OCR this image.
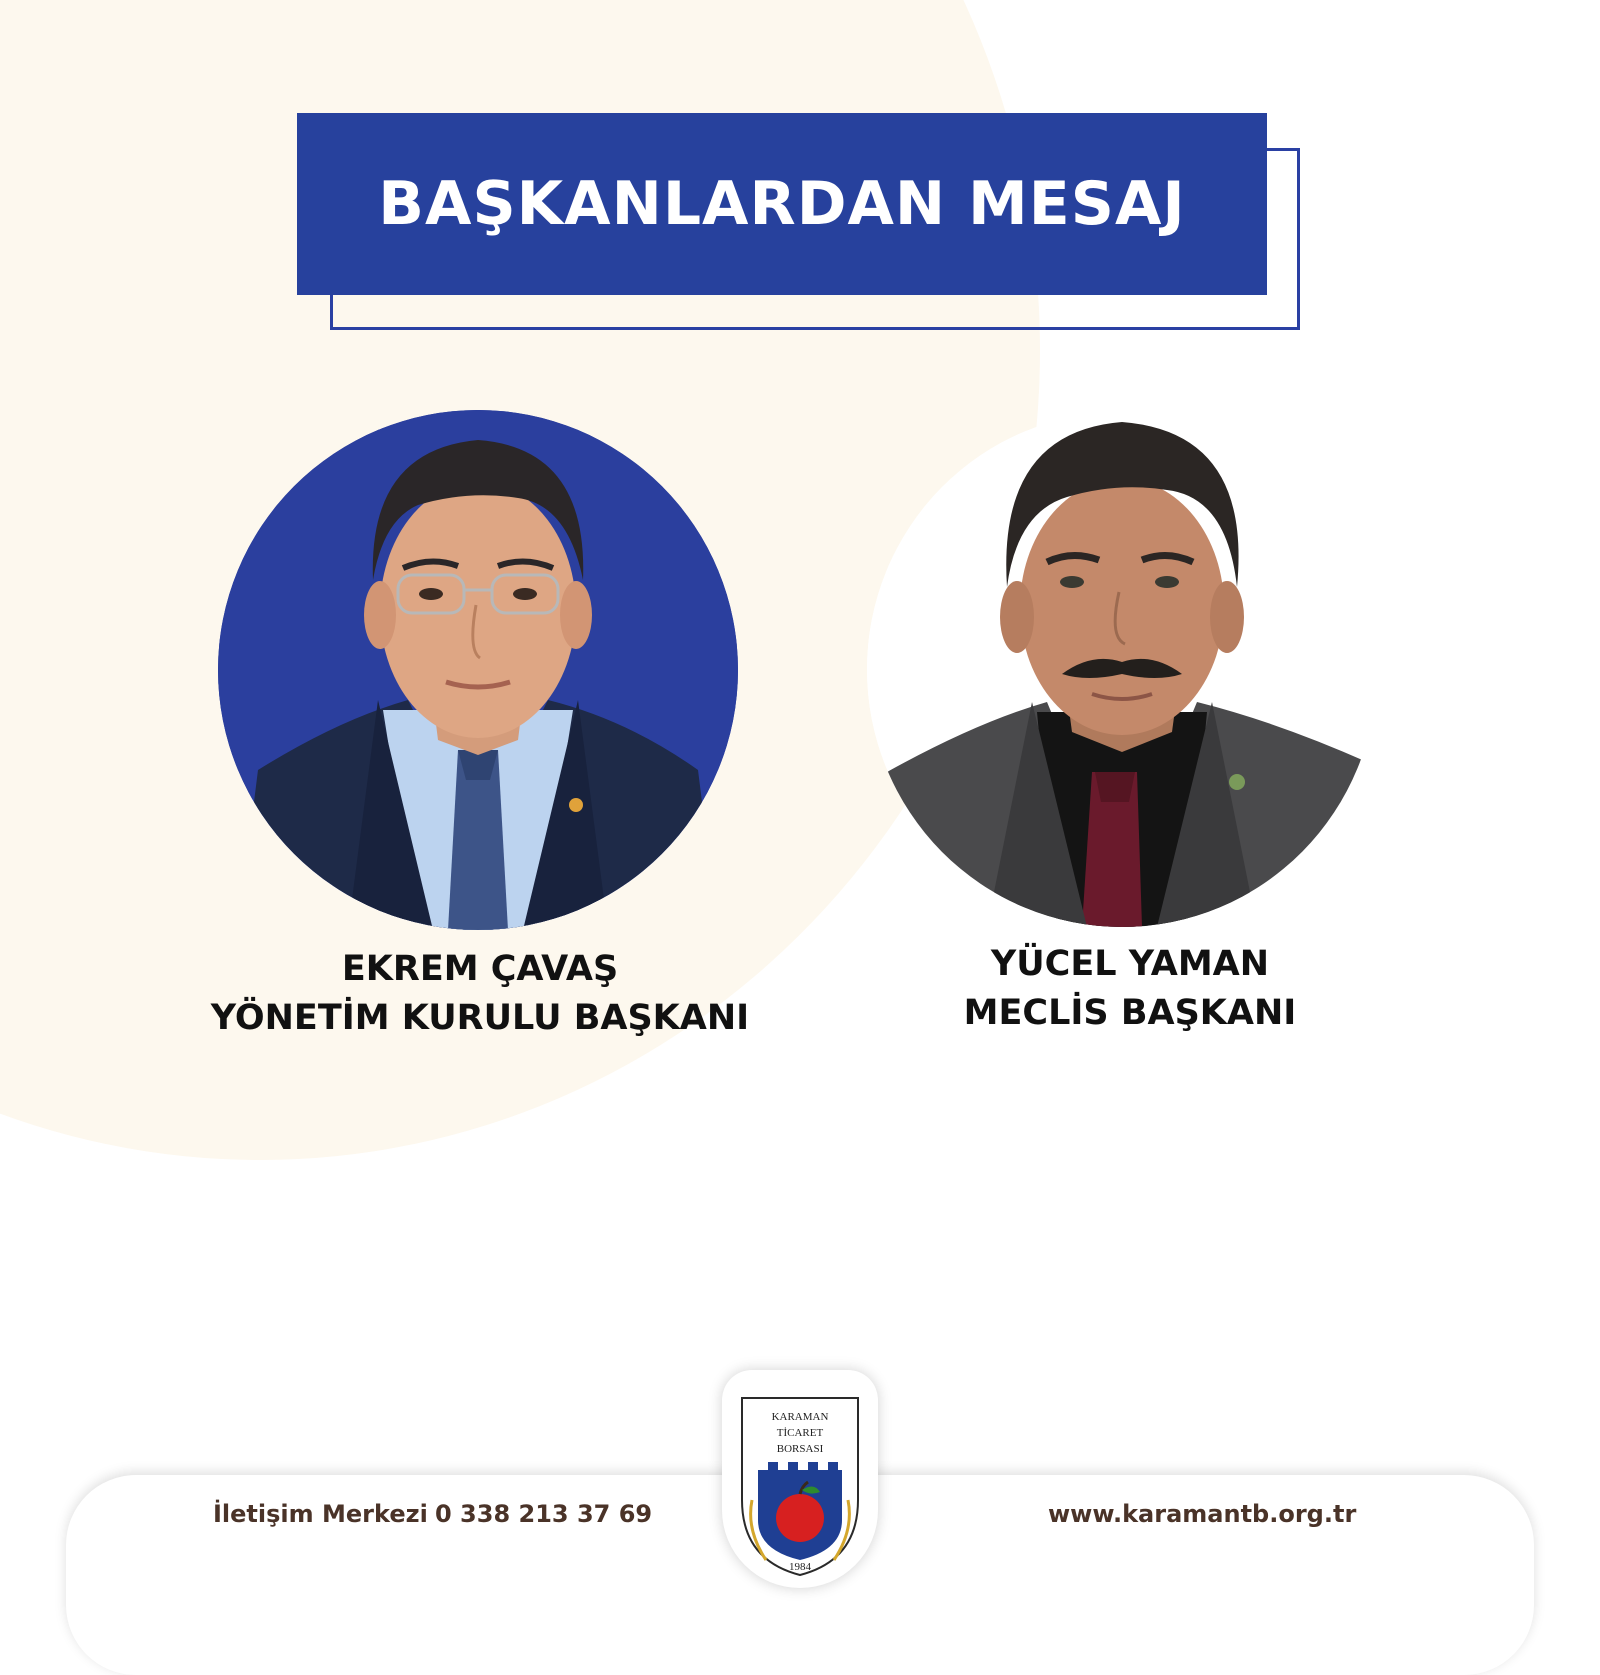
BAŞKANLARDAN MESAJ
EKREM ÇAVAŞ
YÖNETİM KURULU BAŞKANI
YÜCEL YAMAN
MECLİS BAŞKANI
İletişim Merkezi 0 338 213 37 69	www.karamantb.org.tr
KARAMAN
TİCARET
BORSASI
1984
